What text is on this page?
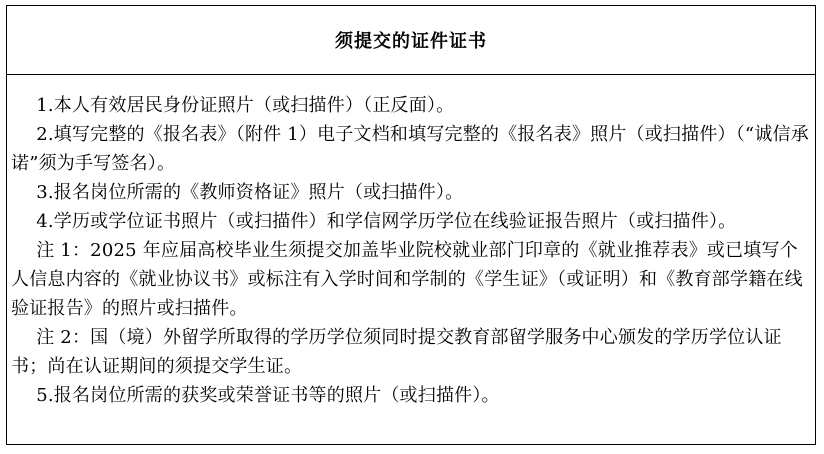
须提交的证件证书

1.本人有效居民身份证照片（或扫描件）（正反面）。

2.填写完整的《报名表》（附件 1）电子文档和填写完整的《报名表》照片（或扫描件）（“诚信承诺”须为手写签名）。

3.报名岗位所需的《教师资格证》照片（或扫描件）。

4.学历或学位证书照片（或扫描件）和学信网学历学位在线验证报告照片（或扫描件）。

注 1：2025 年应届高校毕业生须提交加盖毕业院校就业部门印章的《就业推荐表》或已填写个人信息内容的《就业协议书》或标注有入学时间和学制的《学生证》（或证明）和《教育部学籍在线验证报告》的照片或扫描件。

注 2：国（境）外留学所取得的学历学位须同时提交教育部留学服务中心颁发的学历学位认证书；尚在认证期间的须提交学生证。

5.报名岗位所需的获奖或荣誉证书等的照片（或扫描件）。
